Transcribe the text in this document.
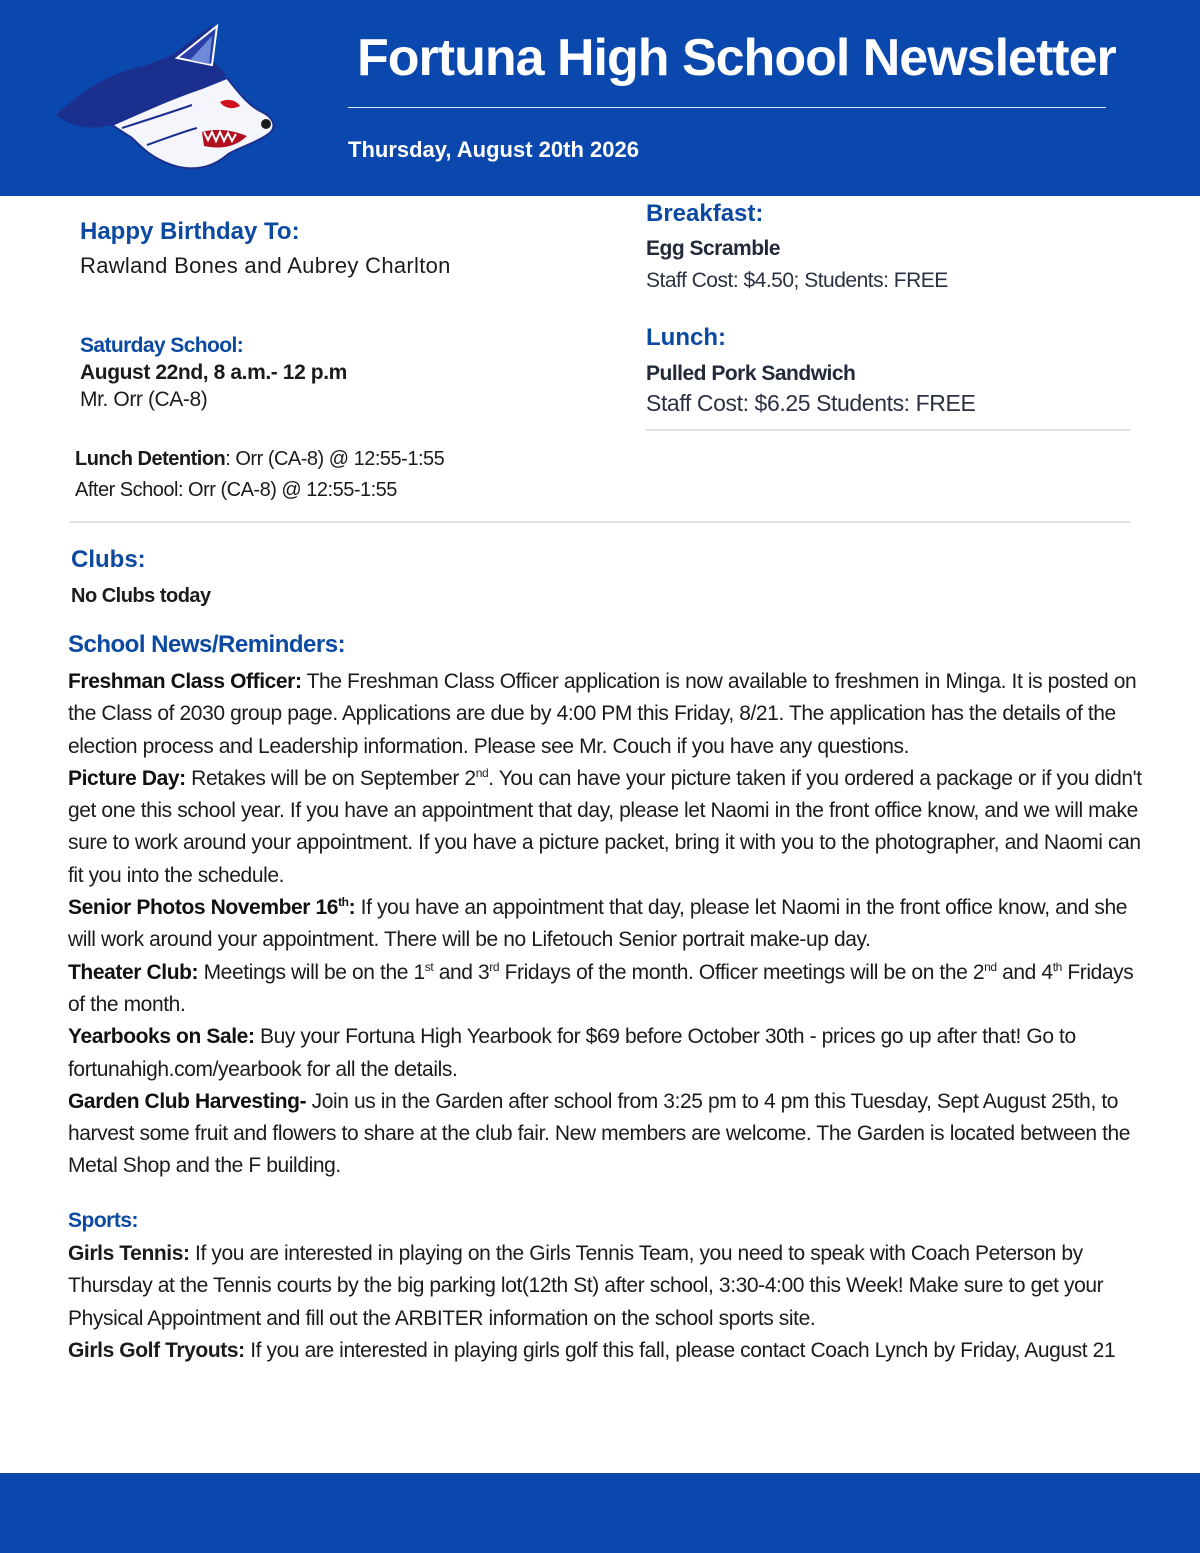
Fortuna High School Newsletter
Thursday, August 20th 2026
Happy Birthday To:
Rawland Bones and Aubrey Charlton
Saturday School:
August 22nd, 8 a.m.- 12 p.m
Mr. Orr (CA-8)
Lunch Detention: Orr (CA-8) @ 12:55-1:55
After School: Orr (CA-8) @ 12:55-1:55
Breakfast:
Egg Scramble
Staff Cost: $4.50; Students: FREE
Lunch:
Pulled Pork Sandwich
Staff Cost: $6.25 Students: FREE
Clubs:
No Clubs today
School News/Reminders:

Freshman Class Officer: The Freshman Class Officer application is now available to freshmen in Minga. It is posted on the Class of 2030 group page. Applications are due by 4:00 PM this Friday, 8/21. The application has the details of the election process and Leadership information. Please see Mr. Couch if you have any questions.

Picture Day: Retakes will be on September 2nd. You can have your picture taken if you ordered a package or if you didn't get one this school year. If you have an appointment that day, please let Naomi in the front office know, and we will make sure to work around your appointment. If you have a picture packet, bring it with you to the photographer, and Naomi can fit you into the schedule.

Senior Photos November 16th: If you have an appointment that day, please let Naomi in the front office know, and she will work around your appointment. There will be no Lifetouch Senior portrait make-up day.

Theater Club: Meetings will be on the 1st and 3rd Fridays of the month. Officer meetings will be on the 2nd and 4th Fridays of the month.

Yearbooks on Sale: Buy your Fortuna High Yearbook for $69 before October 30th - prices go up after that! Go to fortunahigh.com/yearbook for all the details.

Garden Club Harvesting- Join us in the Garden after school from 3:25 pm to 4 pm this Tuesday, Sept August 25th, to harvest some fruit and flowers to share at the club fair. New members are welcome. The Garden is located between the Metal Shop and the F building.

Sports:

Girls Tennis: If you are interested in playing on the Girls Tennis Team, you need to speak with Coach Peterson by Thursday at the Tennis courts by the big parking lot(12th St) after school, 3:30-4:00 this Week! Make sure to get your Physical Appointment and fill out the ARBITER information on the school sports site.

Girls Golf Tryouts: If you are interested in playing girls golf this fall, please contact Coach Lynch by Friday, August 21
